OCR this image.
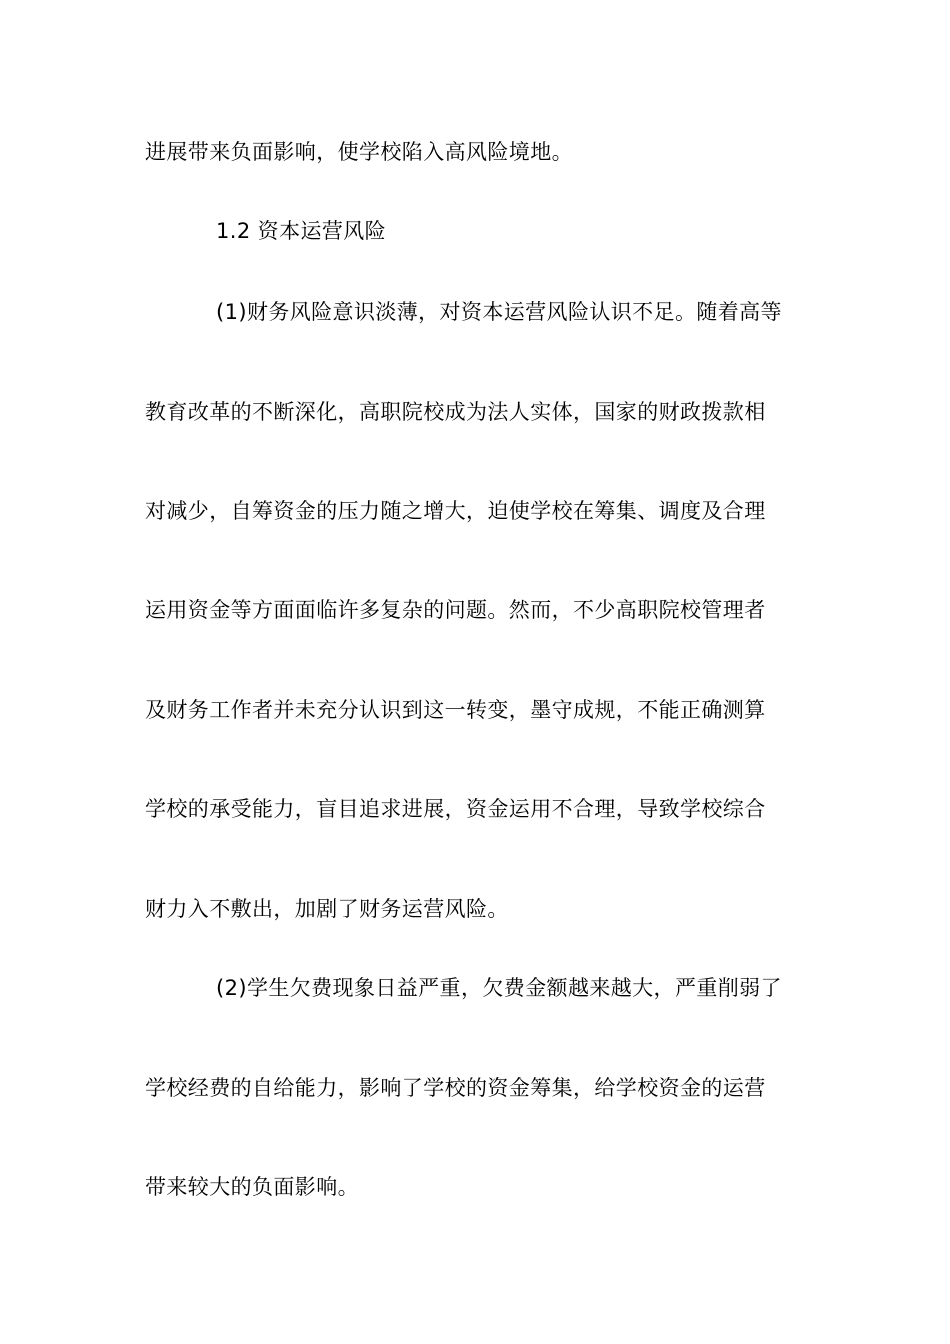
进展带来负面影响，使学校陷入高风险境地。
1.2 资本运营风险
(1)财务风险意识淡薄，对资本运营风险认识不足。随着高等
教育改革的不断深化，高职院校成为法人实体，国家的财政拨款相
对减少，自筹资金的压力随之增大，迫使学校在筹集、调度及合理
运用资金等方面面临许多复杂的问题。然而，不少高职院校管理者
及财务工作者并未充分认识到这一转变，墨守成规，不能正确测算
学校的承受能力，盲目追求进展，资金运用不合理，导致学校综合
财力入不敷出，加剧了财务运营风险。
(2)学生欠费现象日益严重，欠费金额越来越大，严重削弱了
学校经费的自给能力，影响了学校的资金筹集，给学校资金的运营
带来较大的负面影响。
